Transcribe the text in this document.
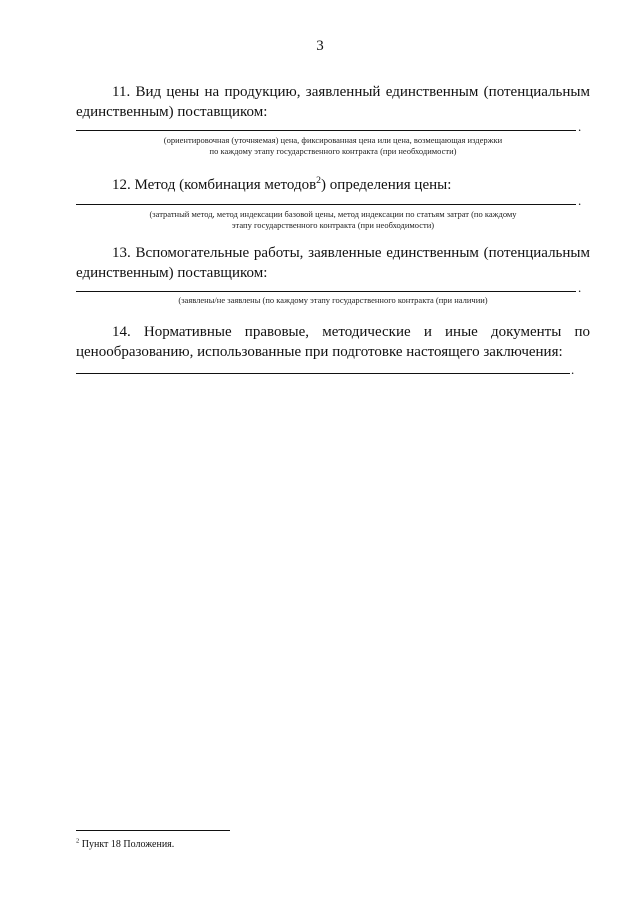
3

11. Вид цены на продукцию, заявленный единственным (потенциальным единственным) поставщиком:

.
(ориентировочная (уточняемая) цена, фиксированная цена или цена, возмещающая издержки
по каждому этапу государственного контракта (при необходимости)

12. Метод (комбинация методов$^2$) определения цены:

.
(затратный метод, метод индексации базовой цены, метод индексации по статьям затрат (по каждому
этапу государственного контракта (при необходимости)

13. Вспомогательные работы, заявленные единственным (потенциальным единственным) поставщиком:

.
(заявлены/не заявлены (по каждому этапу государственного контракта (при наличии)

14. Нормативные правовые, методические и иные документы по ценообразованию, использованные при подготовке настоящего заключения:

.
$^2$ Пункт 18 Положения.
